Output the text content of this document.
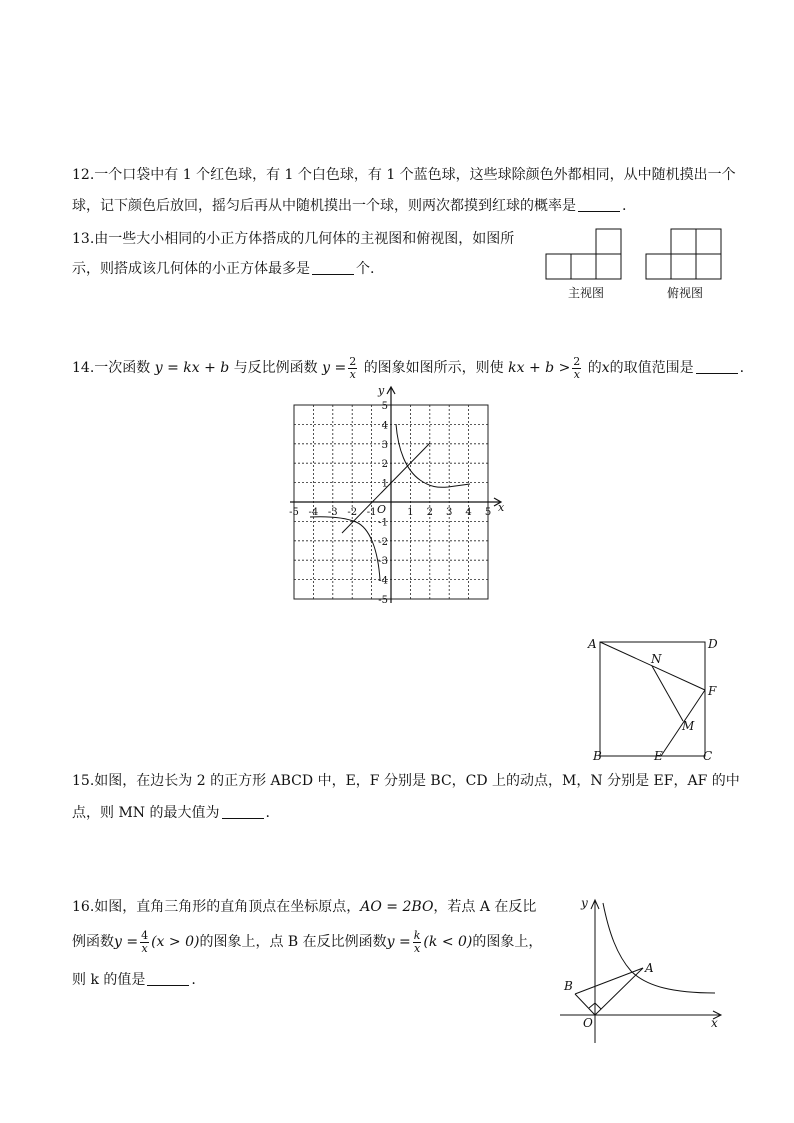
12.一个口袋中有 1 个红色球，有 1 个白色球，有 1 个蓝色球，这些球除颜色外都相同，从中随机摸出一个
球，记下颜色后放回，摇匀后再从中随机摸出一个球，则两次都摸到红球的概率是	.
13.由一些大小相同的小正方体搭成的几何体的主视图和俯视图，如图所
示，则搭成该几何体的小正方体最多是	个.
主视图	俯视图
14.一次函数 y = kx + b 与反比例函数 $y = \frac{2}{x}$ 的图象如图所示，则使 kx + $b > \frac{2}{x}$ 的x的取值范围是	.
x
y
O
-5 -4 -3 -2 -1	1 2 3 4 5
5
4
3
2
1
-1
-2
-3
-4
-5
A	D
N
F
M
B	E	C
15.如图，在边长为 2 的正方形 ABCD 中，E，F 分别是 BC，CD 上的动点，M，N 分别是 EF，AF 的中
点，则 MN 的最大值为	.
16.如图，直角三角形的直角顶点在坐标原点，AO = 2BO，若点 A 在反比
例函数$y = \frac{4}{x} (x > 0)$的图象上，点 B 在反比例函数$y = \frac{k}{x} (k < 0)$的图象上，
则 k 的值是	.
y
x
A
B
O
